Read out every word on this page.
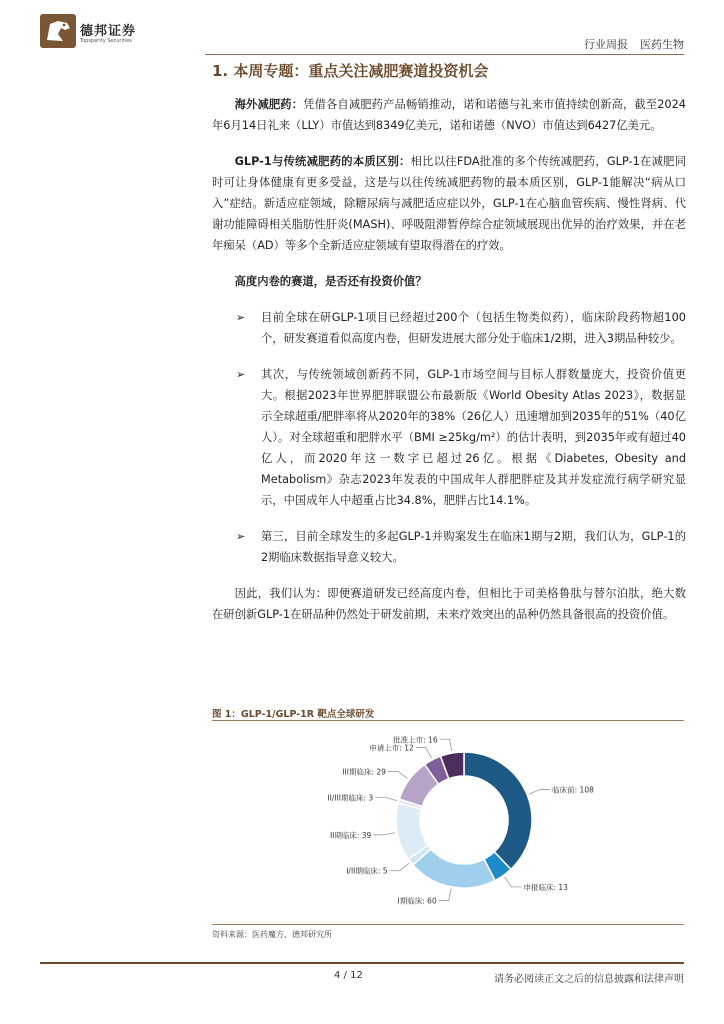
德邦证券
Topsperity Securities	行业周报 医药生物
1. 本周专题：重点关注减肥赛道投资机会

海外减肥药：凭借各自减肥药产品畅销推动，诺和诺德与礼来市值持续创新高，截至2024年6月14日礼来（LLY）市值达到8349亿美元，诺和诺德（NVO）市值达到6427亿美元。

GLP-1与传统减肥药的本质区别：相比以往FDA批准的多个传统减肥药，GLP-1在减肥同时可让身体健康有更多受益，这是与以往传统减肥药物的最本质区别，GLP-1能解决“病从口入”症结。新适应症领域，除糖尿病与减肥适应症以外，GLP-1在心脑血管疾病、慢性肾病、代谢功能障碍相关脂肪性肝炎(MASH)、呼吸阻滞暂停综合症领域展现出优异的治疗效果，并在老年痴呆（AD）等多个全新适应症领域有望取得潜在的疗效。

高度内卷的赛道，是否还有投资价值？
➢ 目前全球在研GLP-1项目已经超过200个（包括生物类似药），临床阶段药物超100个，研发赛道看似高度内卷，但研发进展大部分处于临床1/2期，进入3期品种较少。
➢ 其次，与传统领域创新药不同，GLP-1市场空间与目标人群数量庞大，投资价值更大。根据2023年世界肥胖联盟公布最新版《World Obesity Atlas 2023》，数据显示全球超重/肥胖率将从2020年的38%（26亿人）迅速增加到2035年的51%（40亿人）。对全球超重和肥胖水平（BMI ≥25kg/m²）的估计表明，到2035年或有超过40亿人，而2020年这一数字已超过26亿。根据《Diabetes, Obesity and Metabolism》杂志2023年发表的中国成年人群肥胖症及其并发症流行病学研究显示，中国成年人中超重占比34.8%，肥胖占比14.1%。
➢ 第三，目前全球发生的多起GLP-1并购案发生在临床1期与2期，我们认为，GLP-1的2期临床数据指导意义较大。

因此，我们认为：即便赛道研发已经高度内卷，但相比于司美格鲁肽与替尔泊肽，绝大数在研创新GLP-1在研品种仍然处于研发前期，未来疗效突出的品种仍然具备很高的投资价值。

图 1：GLP-1/GLP-1R 靶点全球研发
临床前: 108
申报临床: 13
I期临床: 60
I/II期临床: 5
II期临床: 39
II/III期临床: 3
III期临床: 29
申请上市: 12
批准上市: 16
资料来源：医药魔方、德邦研究所
4 / 12	请务必阅读正文之后的信息披露和法律声明
